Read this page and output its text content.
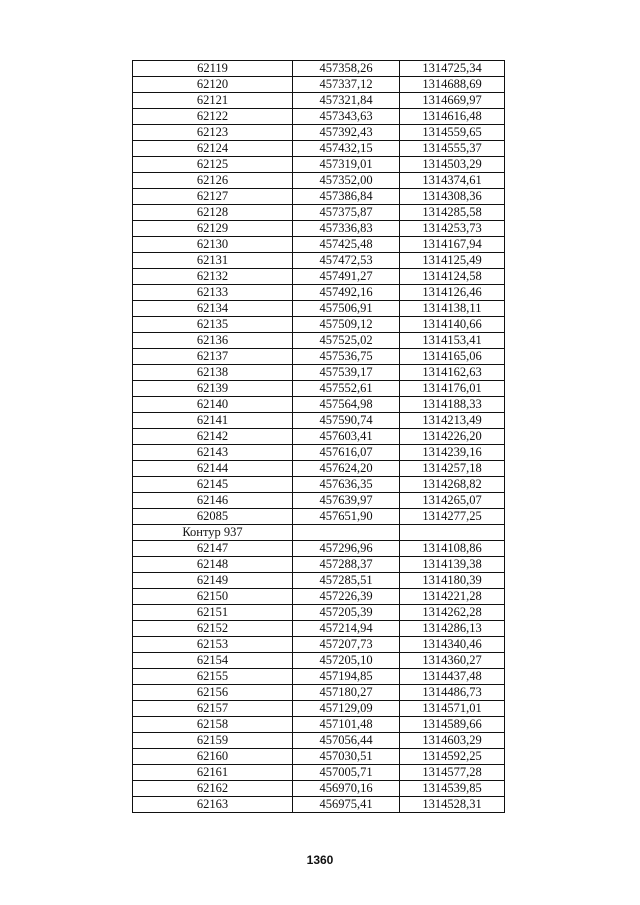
62119	457358,26	1314725,34
62120	457337,12	1314688,69
62121	457321,84	1314669,97
62122	457343,63	1314616,48
62123	457392,43	1314559,65
62124	457432,15	1314555,37
62125	457319,01	1314503,29
62126	457352,00	1314374,61
62127	457386,84	1314308,36
62128	457375,87	1314285,58
62129	457336,83	1314253,73
62130	457425,48	1314167,94
62131	457472,53	1314125,49
62132	457491,27	1314124,58
62133	457492,16	1314126,46
62134	457506,91	1314138,11
62135	457509,12	1314140,66
62136	457525,02	1314153,41
62137	457536,75	1314165,06
62138	457539,17	1314162,63
62139	457552,61	1314176,01
62140	457564,98	1314188,33
62141	457590,74	1314213,49
62142	457603,41	1314226,20
62143	457616,07	1314239,16
62144	457624,20	1314257,18
62145	457636,35	1314268,82
62146	457639,97	1314265,07
62085	457651,90	1314277,25
Контур 937		
62147	457296,96	1314108,86
62148	457288,37	1314139,38
62149	457285,51	1314180,39
62150	457226,39	1314221,28
62151	457205,39	1314262,28
62152	457214,94	1314286,13
62153	457207,73	1314340,46
62154	457205,10	1314360,27
62155	457194,85	1314437,48
62156	457180,27	1314486,73
62157	457129,09	1314571,01
62158	457101,48	1314589,66
62159	457056,44	1314603,29
62160	457030,51	1314592,25
62161	457005,71	1314577,28
62162	456970,16	1314539,85
62163	456975,41	1314528,31
1360
